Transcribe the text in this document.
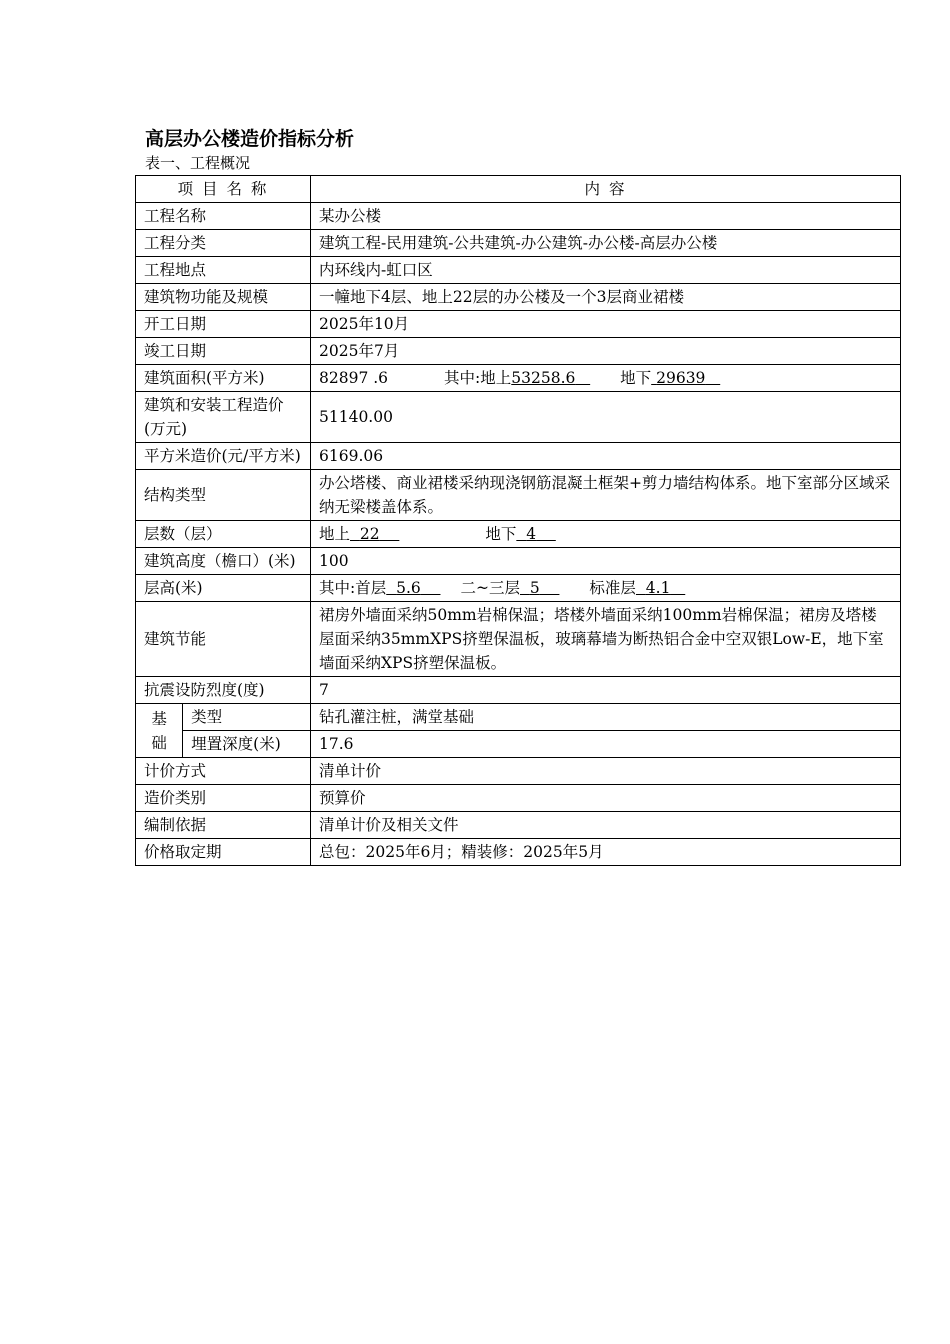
高层办公楼造价指标分析
表一、工程概况
项 目 名 称		内 容
工程名称		某办公楼
工程分类		建筑工程-民用建筑-公共建筑-办公建筑-办公楼-高层办公楼
工程地点		内环线内-虹口区
建筑物功能及规模		一幢地下4层、地上22层的办公楼及一个3层商业裙楼
开工日期		2025年10月
竣工日期		2025年7月
建筑面积(平方米)		82897 .6 其中:地上53258.6 地下 29639
建筑和安装工程造价(万元)		51140.00
平方米造价(元/平方米)		6169.06
结构类型		办公塔楼、商业裙楼采纳现浇钢筋混凝土框架+剪力墙结构体系。地下室部分区域采纳无梁楼盖体系。
层数（层）		地上 22 地下 4
建筑高度（檐口）(米)		100
层高(米)		其中:首层 5.6 二~三层 5 标准层 4.1
建筑节能		裙房外墙面采纳50mm岩棉保温；塔楼外墙面采纳100mm岩棉保温；裙房及塔楼屋面采纳35mmXPS挤塑保温板，玻璃幕墙为断热铝合金中空双银Low-E，地下室墙面采纳XPS挤塑保温板。
抗震设防烈度(度)		7
基础	类型	钻孔灌注桩，满堂基础
	埋置深度(米)	17.6
计价方式		清单计价
造价类别		预算价
编制依据		清单计价及相关文件
价格取定期		总包：2025年6月；精装修：2025年5月
